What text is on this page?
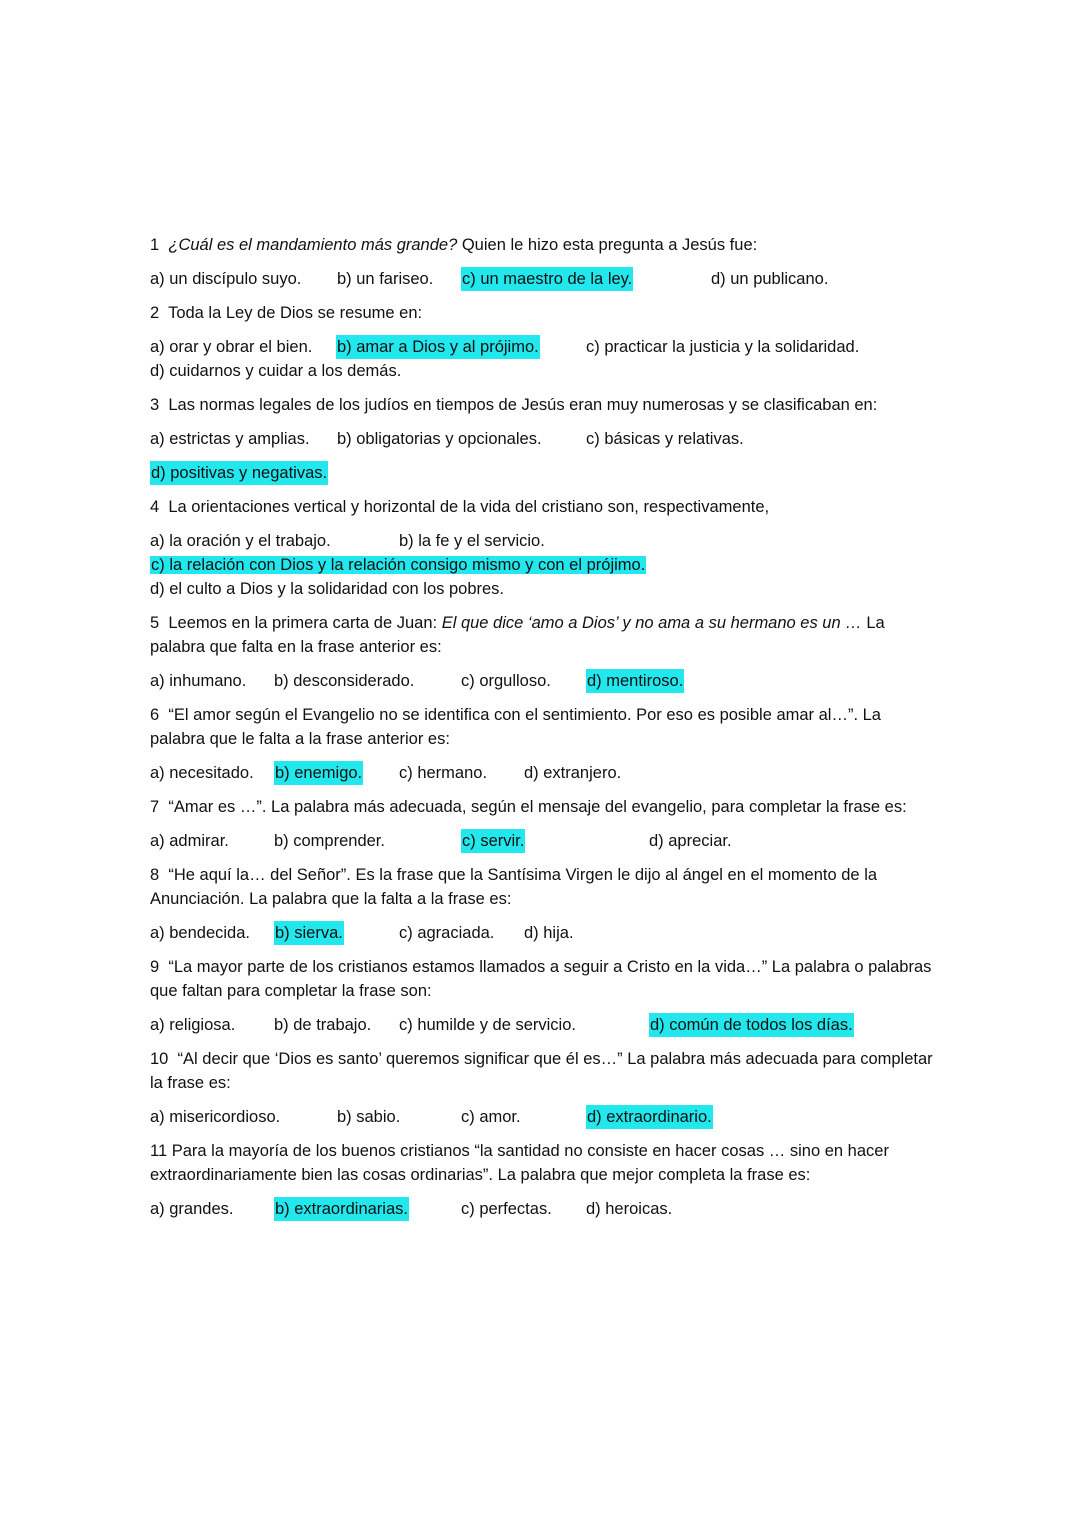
1 ¿Cuál es el mandamiento más grande? Quien le hizo esta pregunta a Jesús fue:
a) un discípulo suyo. b) un fariseo. c) un maestro de la ley.	d) un publicano.
2 Toda la Ley de Dios se resume en:
a) orar y obrar el bien. b) amar a Dios y al prójimo.	c) practicar la justicia y la solidaridad.
d) cuidarnos y cuidar a los demás.
3 Las normas legales de los judíos en tiempos de Jesús eran muy numerosas y se clasificaban en:
a) estrictas y amplias. b) obligatorias y opcionales.	c) básicas y relativas.
d) positivas y negativas.
4 La orientaciones vertical y horizontal de la vida del cristiano son, respectivamente,
a) la oración y el trabajo.	b) la fe y el servicio.
c) la relación con Dios y la relación consigo mismo y con el prójimo.
d) el culto a Dios y la solidaridad con los pobres.
5 Leemos en la primera carta de Juan: El que dice ‘amo a Dios’ y no ama a su hermano es un … La palabra que falta en la frase anterior es:
a) inhumano. b) desconsiderado.	c) orgulloso. d) mentiroso.
6 “El amor según el Evangelio no se identifica con el sentimiento. Por eso es posible amar al…”. La palabra que le falta a la frase anterior es:
a) necesitado. b) enemigo. c) hermano. d) extranjero.
7 “Amar es …”. La palabra más adecuada, según el mensaje del evangelio, para completar la frase es:
a) admirar.	b) comprender.	c) servir.	d) apreciar.
8 “He aquí la… del Señor”. Es la frase que la Santísima Virgen le dijo al ángel en el momento de la Anunciación. La palabra que la falta a la frase es:
a) bendecida. b) sierva.	c) agraciada. d) hija.
9 “La mayor parte de los cristianos estamos llamados a seguir a Cristo en la vida…” La palabra o palabras que faltan para completar la frase son:
a) religiosa. b) de trabajo. c) humilde y de servicio.	d) común de todos los días.
10 “Al decir que ‘Dios es santo’ queremos significar que él es…” La palabra más adecuada para completar la frase es:
a) misericordioso.	b) sabio.	c) amor.	d) extraordinario.
11 Para la mayoría de los buenos cristianos “la santidad no consiste en hacer cosas … sino en hacer extraordinariamente bien las cosas ordinarias”. La palabra que mejor completa la frase es:
a) grandes.	b) extraordinarias.	c) perfectas. d) heroicas.
